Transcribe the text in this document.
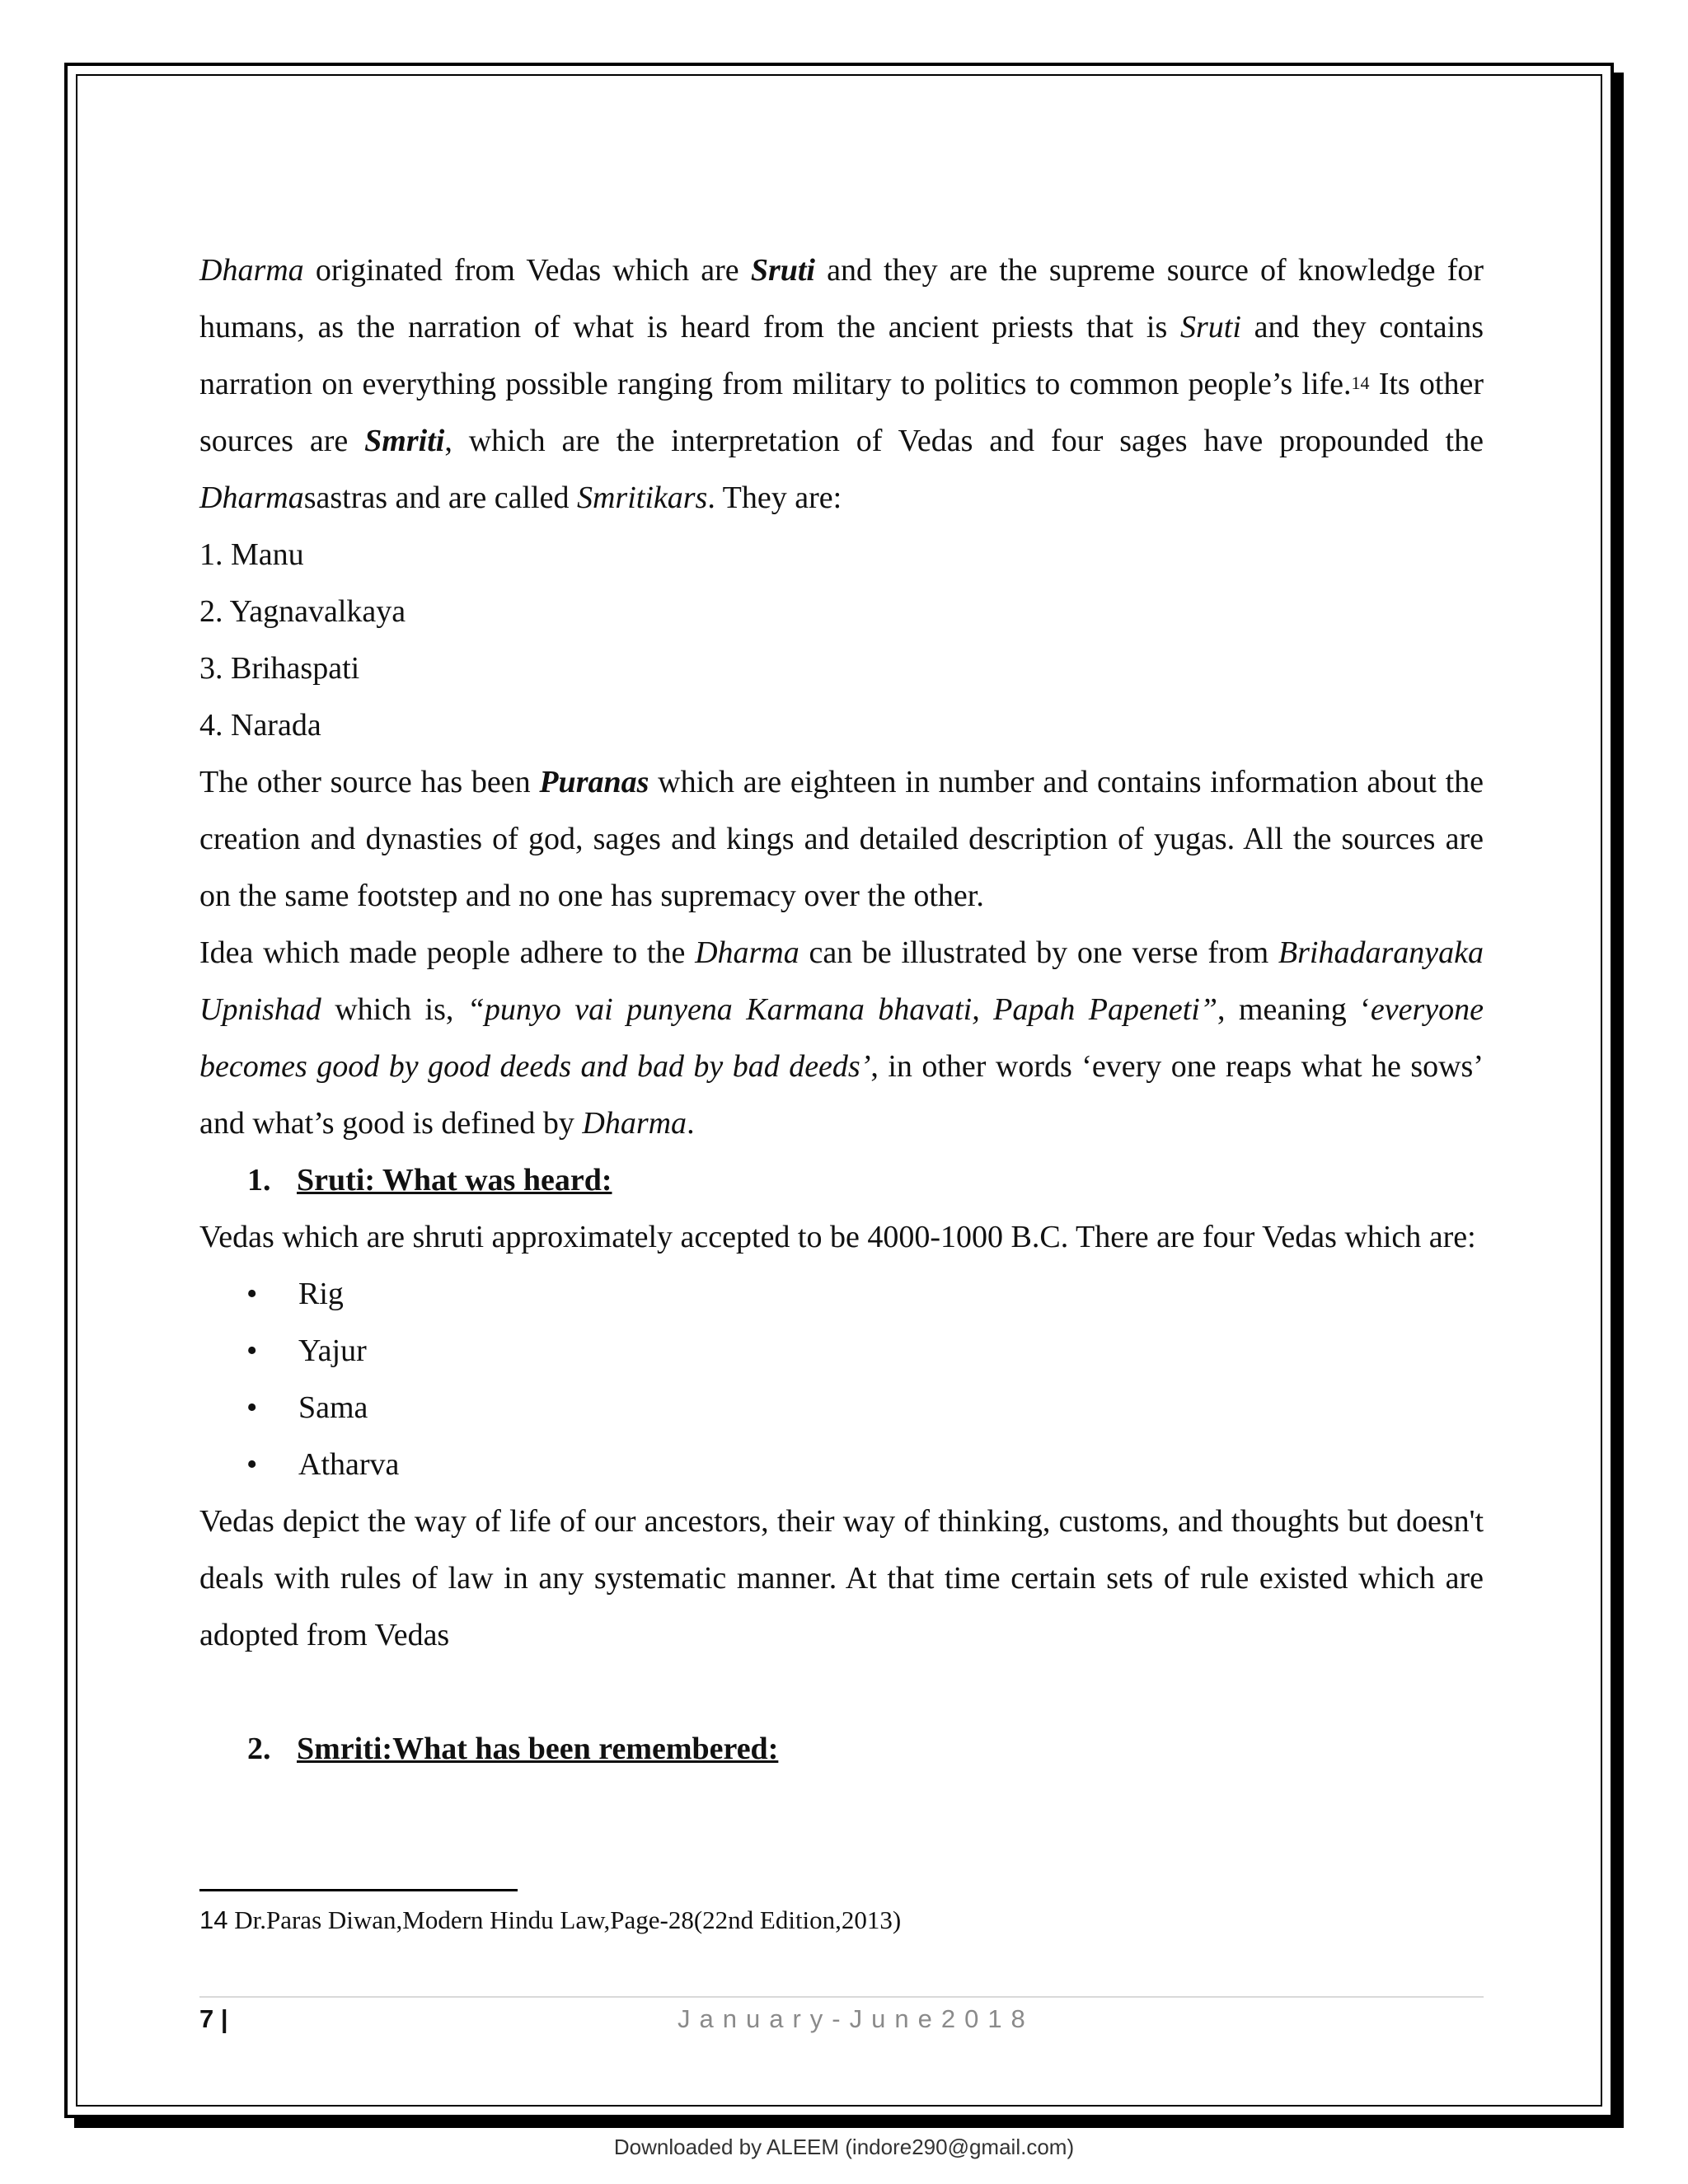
Dharma originated from Vedas which are Sruti and they are the supreme source of knowledge for humans, as the narration of what is heard from the ancient priests that is Sruti and they contains narration on everything possible ranging from military to politics to common people’s life.$^{14}$ Its other sources are Smriti, which are the interpretation of Vedas and four sages have propounded the Dharmasastras and are called Smritikars. They are:

1. Manu
2. Yagnavalkaya
3. Brihaspati
4. Narada

The other source has been Puranas which are eighteen in number and contains information about the creation and dynasties of god, sages and kings and detailed description of yugas. All the sources are on the same footstep and no one has supremacy over the other.

Idea which made people adhere to the Dharma can be illustrated by one verse from Brihadaranyaka Upnishad which is, “punyo vai punyena Karmana bhavati, Papah Papeneti”, meaning ‘everyone becomes good by good deeds and bad by bad deeds’, in other words ‘every one reaps what he sows’ and what’s good is defined by Dharma.

1. Sruti: What was heard:

Vedas which are shruti approximately accepted to be 4000-1000 B.C. There are four Vedas which are:

• Rig
• Yajur
• Sama
• Atharva

Vedas depict the way of life of our ancestors, their way of thinking, customs, and thoughts but doesn't deals with rules of law in any systematic manner. At that time certain sets of rule existed which are adopted from Vedas

2. Smriti:What has been remembered:
14 Dr.Paras Diwan,Modern Hindu Law,Page-28(22nd Edition,2013)
7 |	January-June2018
Downloaded by ALEEM (indore290@gmail.com)
